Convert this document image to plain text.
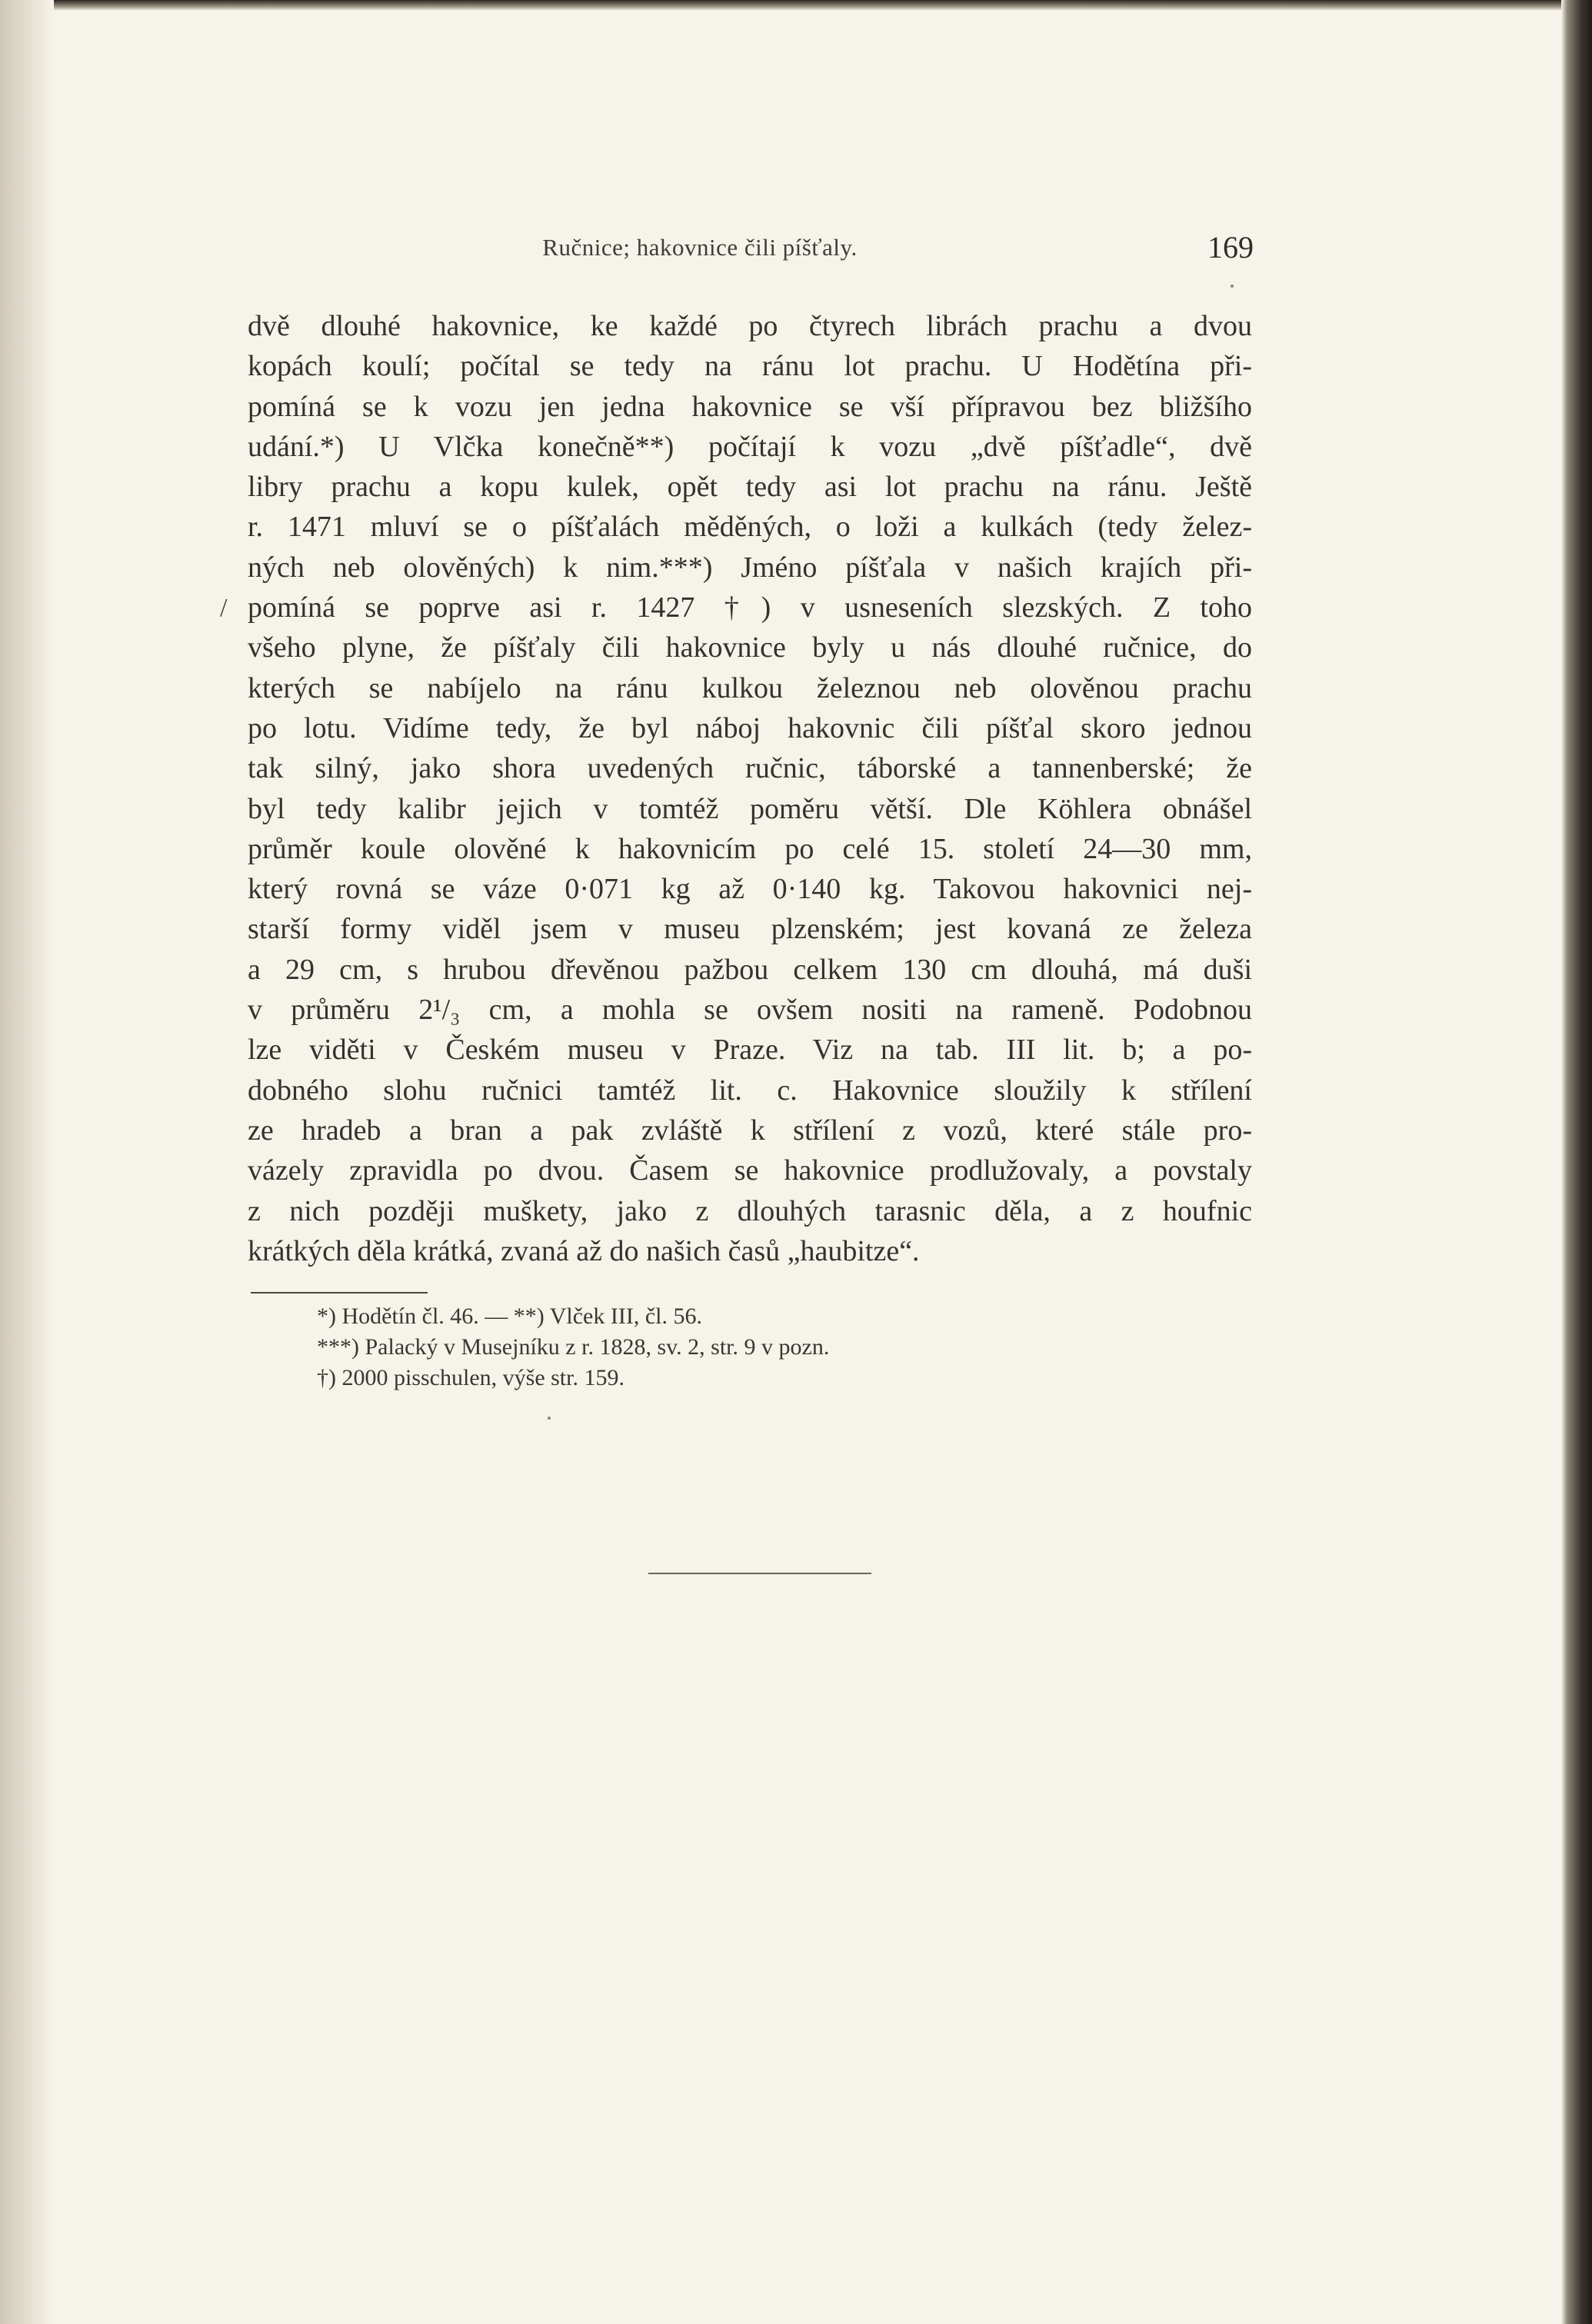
Ručnice; hakovnice čili píšťaly.	169
/
dvě dlouhé hakovnice, ke každé po čtyrech librách prachu a dvou
kopách koulí; počítal se tedy na ránu lot prachu. U Hodětína při-
pomíná se k vozu jen jedna hakovnice se vší přípravou bez bližšího
udání.*) U Vlčka konečně**) počítají k vozu „dvě píšťadle“, dvě
libry prachu a kopu kulek, opět tedy asi lot prachu na ránu. Ještě
r. 1471 mluví se o píšťalách měděných, o loži a kulkách (tedy želez-
ných neb olověných) k nim.***) Jméno píšťala v našich krajích při-
pomíná se poprve asi r. 1427 †) v usneseních slezských. Z toho
všeho plyne, že píšťaly čili hakovnice byly u nás dlouhé ručnice, do
kterých se nabíjelo na ránu kulkou železnou neb olověnou prachu
po lotu. Vidíme tedy, že byl náboj hakovnic čili píšťal skoro jednou
tak silný, jako shora uvedených ručnic, táborské a tannenberské; že
byl tedy kalibr jejich v tomtéž poměru větší. Dle Köhlera obnášel
průměr koule olověné k hakovnicím po celé 15. století 24—30 mm,
který rovná se váze 0·071 kg až 0·140 kg. Takovou hakovnici nej-
starší formy viděl jsem v museu plzenském; jest kovaná ze železa
a 29 cm, s hrubou dřevěnou pažbou celkem 130 cm dlouhá, má duši
v průměru 2¹/₃ cm, a mohla se ovšem nositi na rameně. Podobnou
lze viděti v Českém museu v Praze. Viz na tab. III lit. b; a po-
dobného slohu ručnici tamtéž lit. c. Hakovnice sloužily k střílení
ze hradeb a bran a pak zvláště k střílení z vozů, které stále pro-
vázely zpravidla po dvou. Časem se hakovnice prodlužovaly, a povstaly
z nich později muškety, jako z dlouhých tarasnic děla, a z houfnic
krátkých děla krátká, zvaná až do našich časů „haubitze“.
*) Hodětín čl. 46. — **) Vlček III, čl. 56.
***) Palacký v Musejníku z r. 1828, sv. 2, str. 9 v pozn.
†) 2000 pisschulen, výše str. 159.
